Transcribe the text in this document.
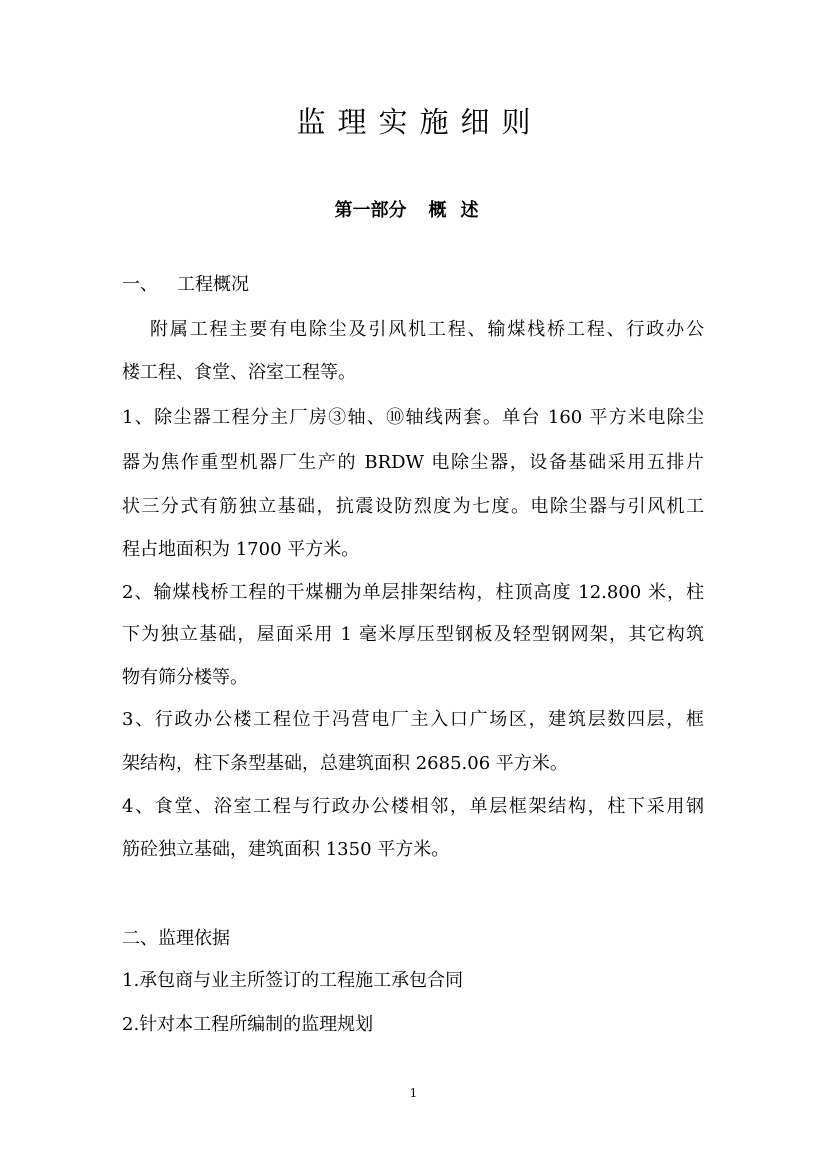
监理实施细则
第一部分 概述
一、 工程概况
附属工程主要有电除尘及引风机工程、输煤栈桥工程、行政办公
楼工程、食堂、浴室工程等。
1、除尘器工程分主厂房③轴、⑩轴线两套。单台 160 平方米电除尘
器为焦作重型机器厂生产的 BRDW 电除尘器，设备基础采用五排片
状三分式有筋独立基础，抗震设防烈度为七度。电除尘器与引风机工
程占地面积为 1700 平方米。
2、输煤栈桥工程的干煤棚为单层排架结构，柱顶高度 12.800 米，柱
下为独立基础，屋面采用 1 毫米厚压型钢板及轻型钢网架，其它构筑
物有筛分楼等。
3、行政办公楼工程位于冯营电厂主入口广场区，建筑层数四层，框
架结构，柱下条型基础，总建筑面积 2685.06 平方米。
4、食堂、浴室工程与行政办公楼相邻，单层框架结构，柱下采用钢
筋砼独立基础，建筑面积 1350 平方米。
二、监理依据
1.承包商与业主所签订的工程施工承包合同
2.针对本工程所编制的监理规划
1
